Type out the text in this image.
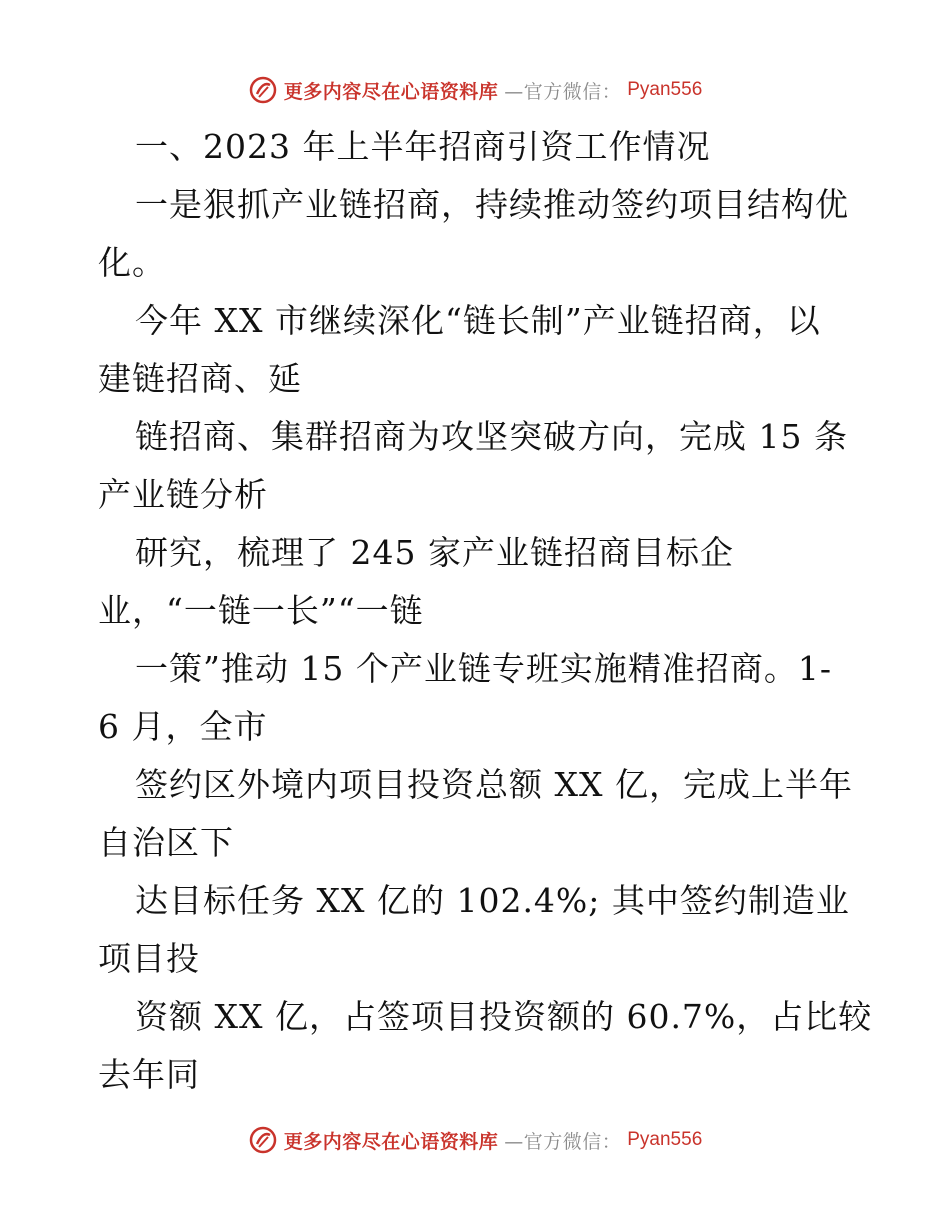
更多内容尽在心语资料库 —官方微信： Pyan556
一、2023 年上半年招商引资工作情况
一是狠抓产业链招商，持续推动签约项目结构优
化。
今年 XX 市继续深化“链长制”产业链招商，以
建链招商、延
链招商、集群招商为攻坚突破方向，完成 15 条
产业链分析
研究，梳理了 245 家产业链招商目标企
业，“一链一长”“一链
一策”推动 15 个产业链专班实施精准招商。1-
6 月，全市
签约区外境内项目投资总额 XX 亿，完成上半年
自治区下
达目标任务 XX 亿的 102.4%; 其中签约制造业
项目投
资额 XX 亿，占签项目投资额的 60.7%，占比较
去年同
更多内容尽在心语资料库 —官方微信： Pyan556
